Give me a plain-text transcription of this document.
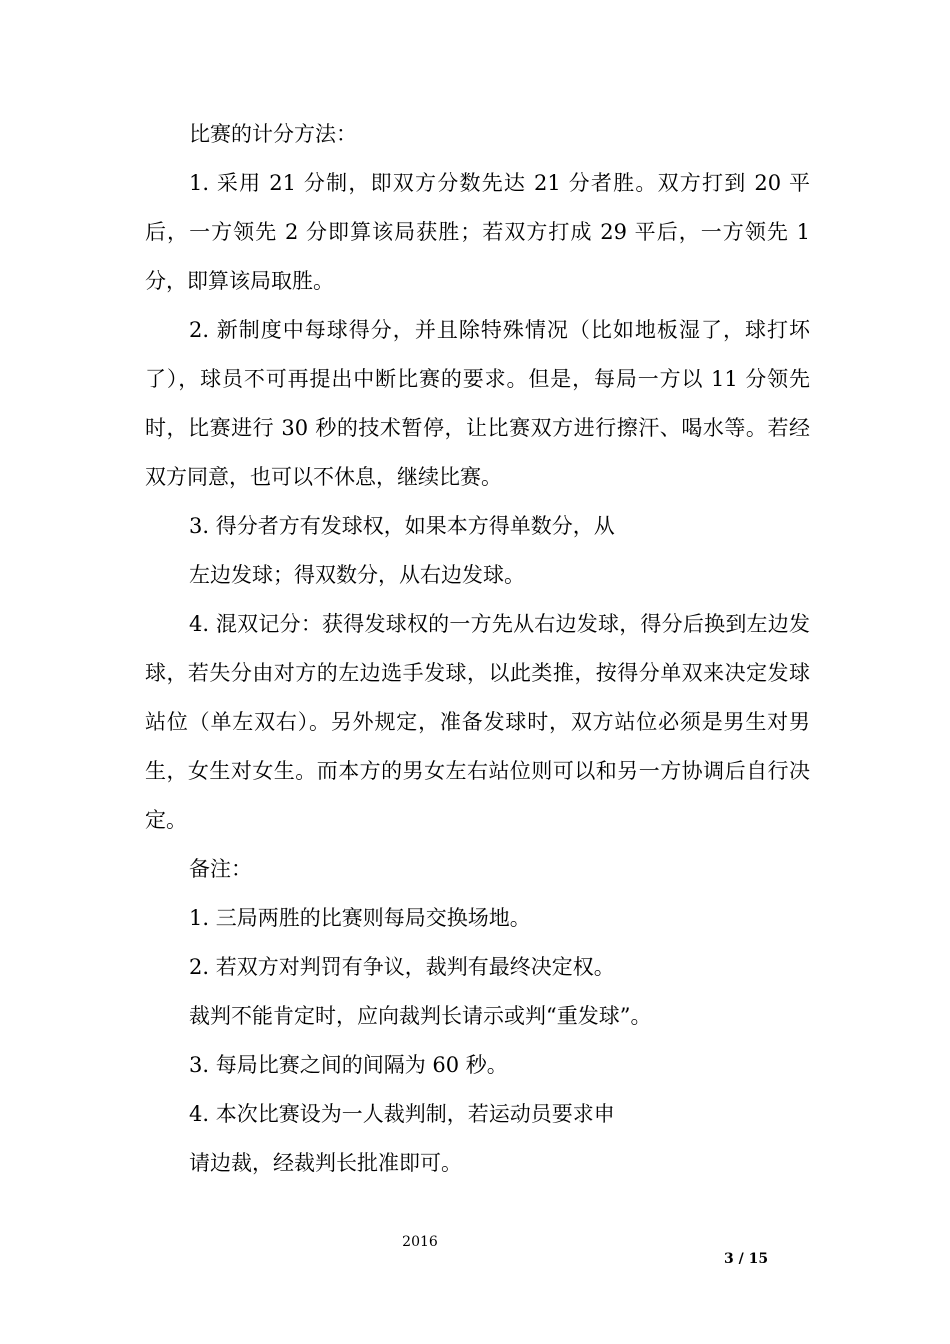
比赛的计分方法：

1. 采用 21 分制，即双方分数先达 21 分者胜。双方打到 20 平后，一方领先 2 分即算该局获胜；若双方打成 29 平后，一方领先 1 分，即算该局取胜。

2. 新制度中每球得分，并且除特殊情况（比如地板湿了，球打坏了），球员不可再提出中断比赛的要求。但是，每局一方以 11 分领先时，比赛进行 30 秒的技术暂停，让比赛双方进行擦汗、喝水等。若经双方同意，也可以不休息，继续比赛。

3. 得分者方有发球权，如果本方得单数分，从

左边发球；得双数分，从右边发球。

4. 混双记分：获得发球权的一方先从右边发球，得分后换到左边发球，若失分由对方的左边选手发球，以此类推，按得分单双来决定发球站位（单左双右）。另外规定，准备发球时，双方站位必须是男生对男生，女生对女生。而本方的男女左右站位则可以和另一方协调后自行决定。

备注：

1. 三局两胜的比赛则每局交换场地。

2. 若双方对判罚有争议，裁判有最终决定权。

裁判不能肯定时，应向裁判长请示或判“重发球”。

3. 每局比赛之间的间隔为 60 秒。

4. 本次比赛设为一人裁判制，若运动员要求申

请边裁，经裁判长批准即可。

2016
3 / 15
